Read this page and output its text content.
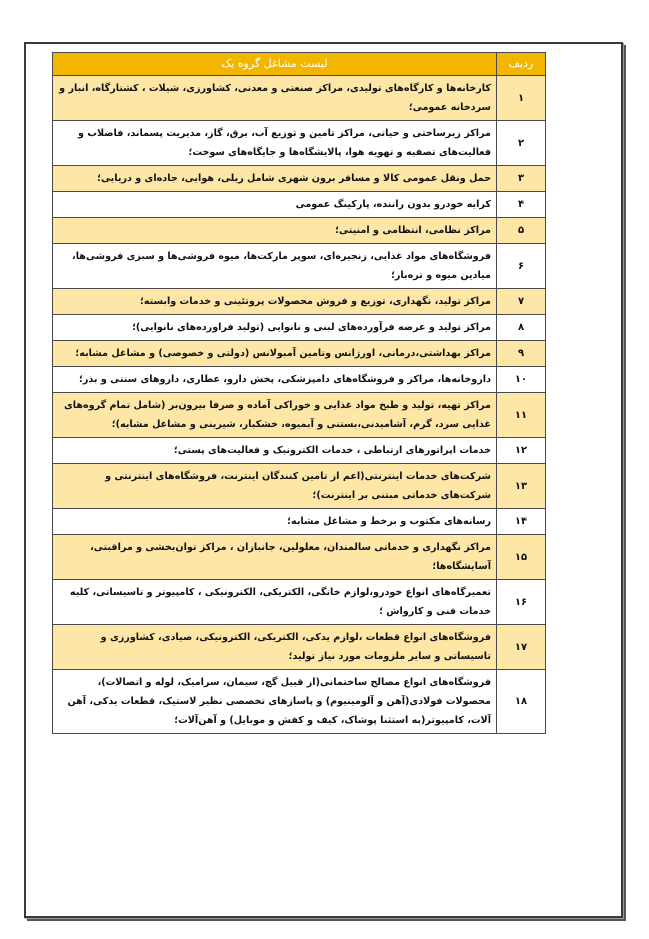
ردیف	لیست مشاغل گروه یک
۱	کارخانه‌ها و کارگاه‌های تولیدی، مراکز صنعتی و معدنی، کشاورزی، شیلات ، کشتارگاه، انبار و سردخانه عمومی؛
۲	مراکز زیرساختی و حیاتی، مراکز تامین و توزیع آب، برق، گاز، مدیریت پسماند، فاضلاب و فعالیت‌های تصفیه و تهویه هوا، پالایشگاه‌ها و جایگاه‌های سوخت؛
۳	حمل ونقل عمومی کالا و مسافر برون شهری شامل ریلی، هوایی، جاده‌ای و دریایی؛
۴	کرایه خودرو بدون راننده، پارکینگ عمومی
۵	مراکز نظامی، انتظامی و امنیتی؛
۶	فروشگاه‌های مواد غذایی، زنجیره‌ای، سوپر مارکت‌ها، میوه فروشی‌ها و سبزی فروشی‌ها، میادین میوه و تره‌بار؛
۷	مراکز تولید، نگهداری، توزیع و فروش محصولات پروتئینی و خدمات وابسته؛
۸	مراکز تولید و عرضه فرآورده‌های لبنی و نانوایی (تولید فراورده‌های نانوایی)؛
۹	مراکز بهداشتی،درمانی، اورژانس وتامین آمبولانس (دولتی و خصوصی) و مشاغل مشابه؛
۱۰	داروخانه‌ها، مراکز و فروشگاه‌های دامپزشکی، پخش دارو، عطاری، داروهای سنتی و بذر؛
۱۱	مراکز تهیه، تولید و طبخ مواد غذایی و خوراکی آماده و صرفا بیرون‌بر (شامل تمام گروه‌های غذایی سرد، گرم، آشامیدنی،بستنی و آبمیوه، خشکبار، شیرینی و مشاغل مشابه)؛
۱۲	خدمات اپراتورهای ارتباطی ، خدمات الکترونیک و فعالیت‌های پستی؛
۱۳	شرکت‌های خدمات اینترنتی(اعم از تامین کنندگان اینترنت، فروشگاه‌های اینترنتی و شرکت‌های خدماتی مبتنی بر اینترنت)؛
۱۴	رسانه‌های مکتوب و برخط و مشاغل مشابه؛
۱۵	مراکز نگهداری و خدماتی سالمندان، معلولین، جانبازان ، مراکز توان‌بخشی و مراقبتی، آسایشگاه‌ها؛
۱۶	تعمیرگاه‌های انواع خودرو،لوازم خانگی، الکتریکی، الکترونیکی ، کامپیوتر و تاسیساتی، کلیه خدمات فنی و کارواش ؛
۱۷	فروشگاه‌های انواع قطعات ،لوازم یدکی، الکتریکی، الکترونیکی، صیادی، کشاورزی و تاسیساتی و سایر ملزومات مورد نیاز تولید؛
۱۸	فروشگاه‌های انواع مصالح ساختمانی(از قبیل گچ، سیمان، سرامیک، لوله و اتصالات)، محصولات فولادی(آهن و آلومینیوم) و پاسازهای تخصصی نظیر لاستیک، قطعات یدکی، آهن آلات، کامپیوتر(به استثنا پوشاک، کیف و کفش و موبایل) و آهن‌آلات؛
